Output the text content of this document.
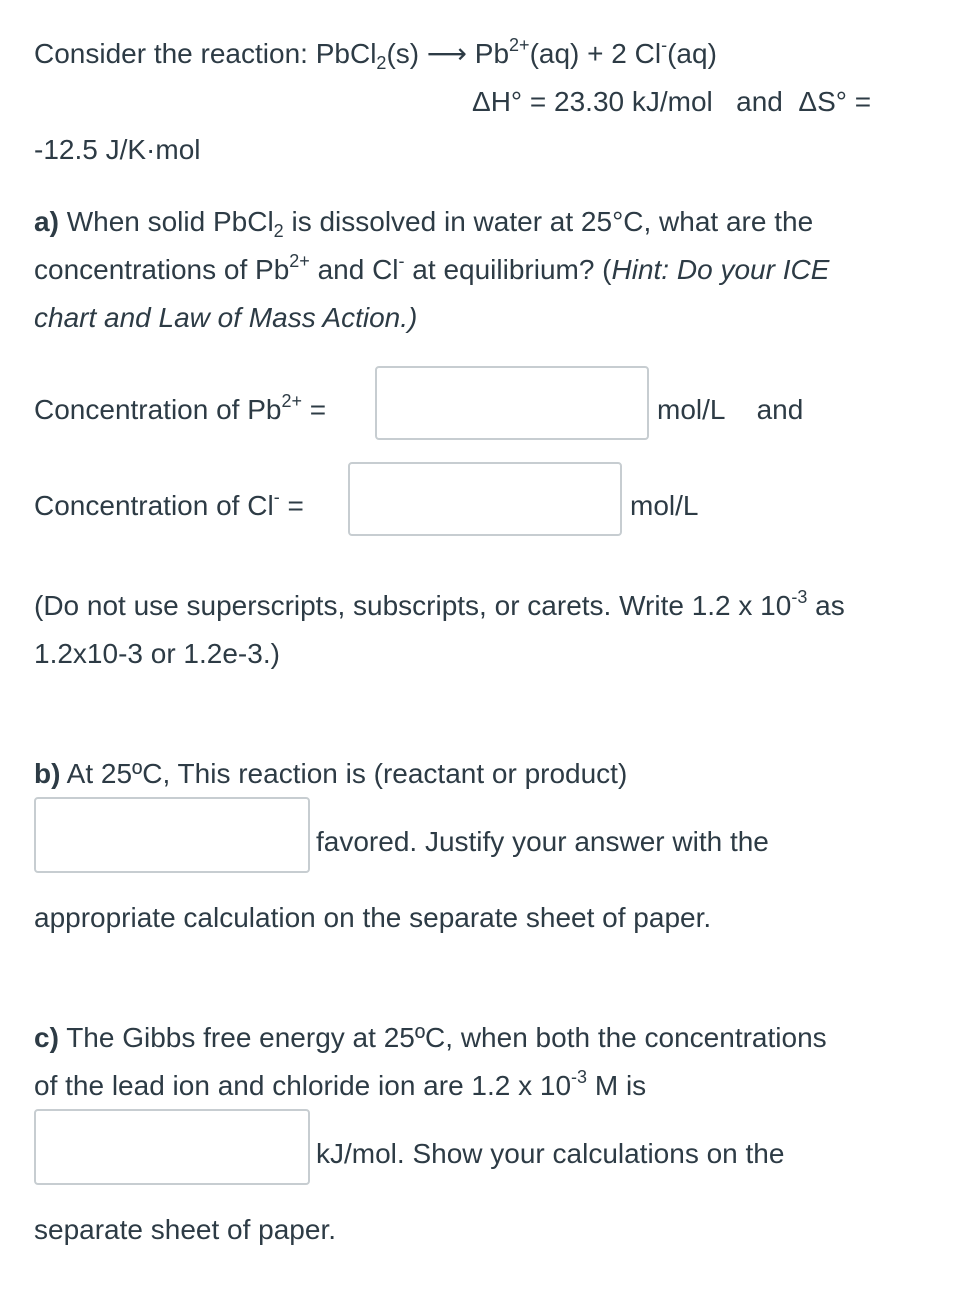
Consider the reaction: PbCl$_2$(s) ⟶ $Pb^{2+}(aq) + 2$ Cl-(aq)
ΔH° = 23.30 kJ/mol and ΔS° =
-12.5 J/K·mol
a) When solid PbCl$_2$ is dissolved in water at 25°C, what are the
concentrations of $Pb^{2+}$ and Cl- at equilibrium? (Hint: Do your ICE
chart and Law of Mass Action.)
Concentration of $Pb^{2+}$ =	mol/L and
Concentration of Cl- =	mol/L
(Do not use superscripts, subscripts, or carets. Write 1.2 x $10^{-3}$ as
1.2x10-3 or 1.2e-3.)
b) At 25ºC, This reaction is (reactant or product)
favored. Justify your answer with the
appropriate calculation on the separate sheet of paper.
c) The Gibbs free energy at 25ºC, when both the concentrations
of the lead ion and chloride ion are 1.2 x $10^{-3}$ M is
kJ/mol. Show your calculations on the
separate sheet of paper.
